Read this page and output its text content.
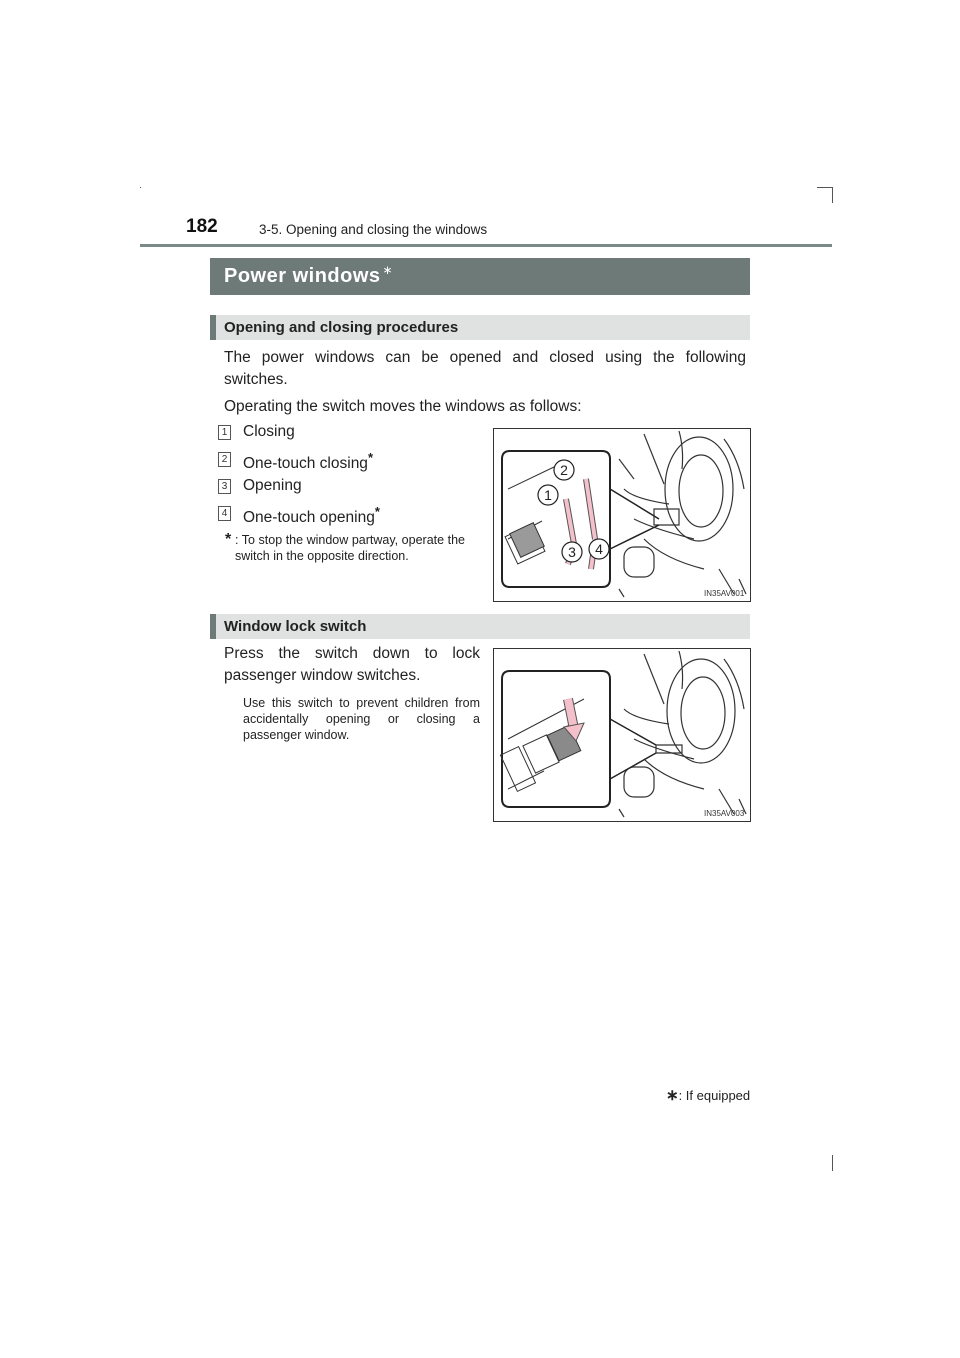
182	3-5. Opening and closing the windows
Power windows ∗
Opening and closing procedures
The power windows can be opened and closed using the following switches.
Operating the switch moves the windows as follows:
1 Closing
2 One-touch closing*
3 Opening
4 One-touch opening*
* : To stop the window partway, operate the switch in the opposite direction.
1
2
3 4
IN35AV001
Window lock switch
Press the switch down to lock passenger window switches.
Use this switch to prevent children from accidentally opening or closing a passenger window.
IN35AV003
∗: If equipped
